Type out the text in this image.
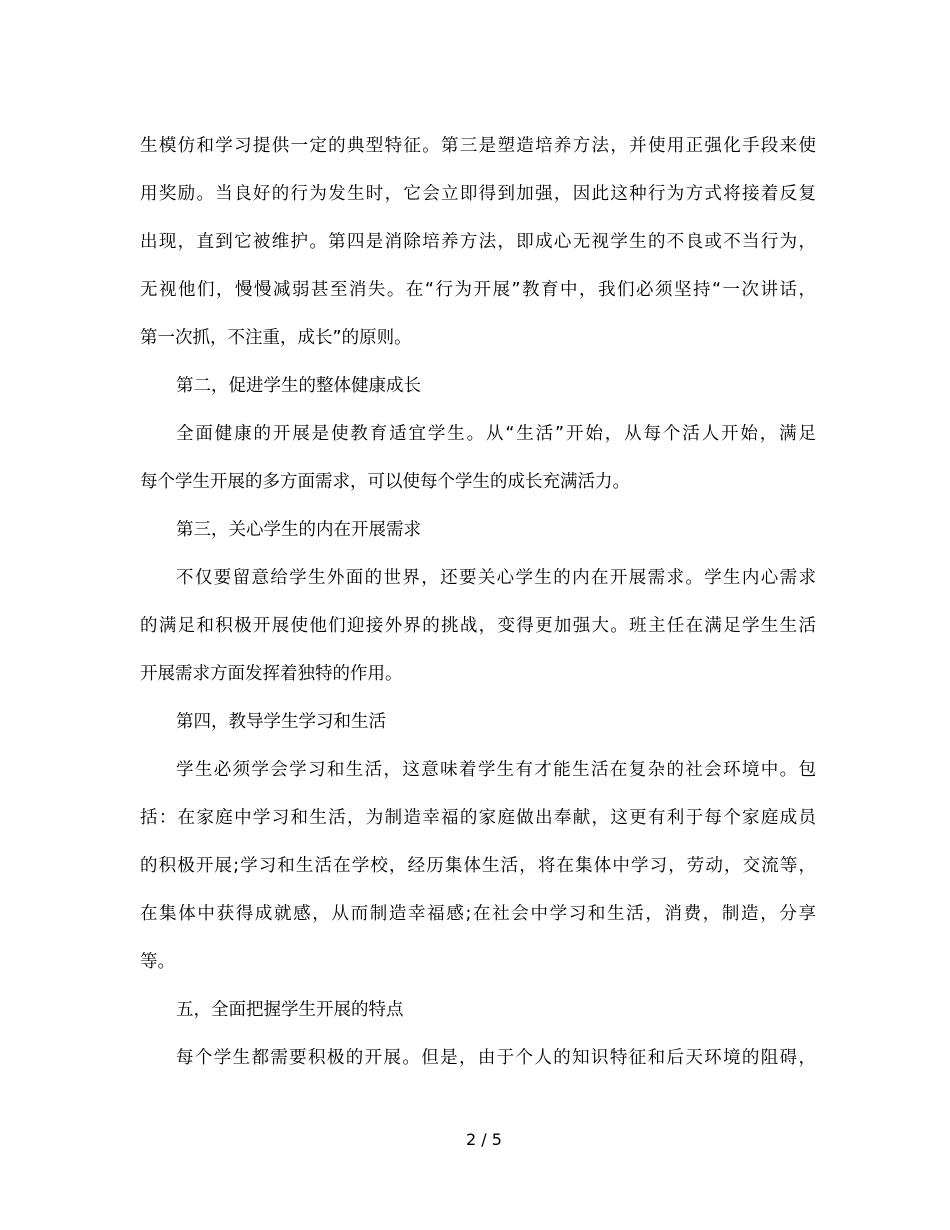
生模仿和学习提供一定的典型特征。第三是塑造培养方法，并使用正强化手段来使
用奖励。当良好的行为发生时，它会立即得到加强，因此这种行为方式将接着反复
出现，直到它被维护。第四是消除培养方法，即成心无视学生的不良或不当行为，
无视他们，慢慢减弱甚至消失。在“行为开展”教育中，我们必须坚持“一次讲话，
第一次抓，不注重，成长”的原则。
第二，促进学生的整体健康成长
全面健康的开展是使教育适宜学生。从“生活”开始，从每个活人开始，满足
每个学生开展的多方面需求，可以使每个学生的成长充满活力。
第三，关心学生的内在开展需求
不仅要留意给学生外面的世界，还要关心学生的内在开展需求。学生内心需求
的满足和积极开展使他们迎接外界的挑战，变得更加强大。班主任在满足学生生活
开展需求方面发挥着独特的作用。
第四，教导学生学习和生活
学生必须学会学习和生活，这意味着学生有才能生活在复杂的社会环境中。包
括：在家庭中学习和生活，为制造幸福的家庭做出奉献，这更有利于每个家庭成员
的积极开展;学习和生活在学校，经历集体生活，将在集体中学习，劳动，交流等，
在集体中获得成就感，从而制造幸福感;在社会中学习和生活，消费，制造，分享
等。
五，全面把握学生开展的特点
每个学生都需要积极的开展。但是，由于个人的知识特征和后天环境的阻碍，
2 / 5
